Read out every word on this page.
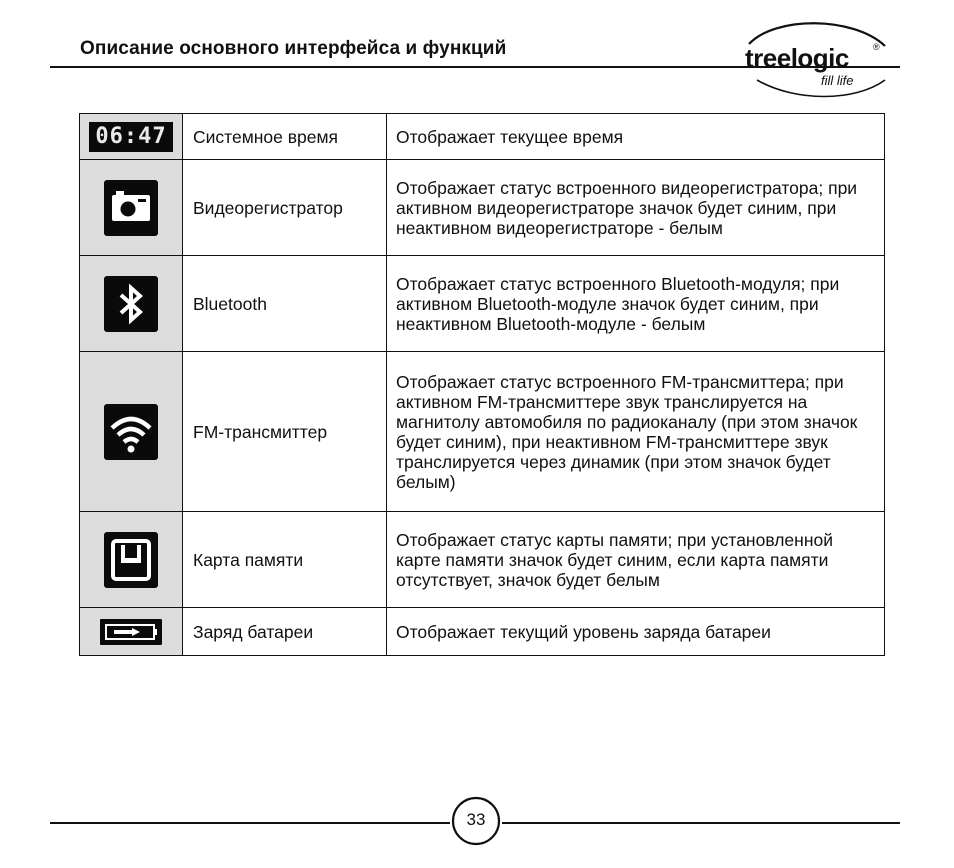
Описание основного интерфейса и функций	treelogic	®
fill life
06:47	Системное время	Отображает текущее время
	Видеорегистратор	Отображает статус встроенного видеорегистратора; при активном видеорегистраторе значок будет синим, при неактивном видеорегистраторе - белым
	Bluetooth	Отображает статус встроенного Bluetooth-модуля; при активном Bluetooth-модуле значок будет синим, при неактивном Bluetooth-модуле - белым
	FM-трансмиттер	Отображает статус встроенного FM-трансмиттера; при активном FM-трансмиттере звук транслируется на магнитолу автомобиля по радиоканалу (при этом значок будет синим), при неактивном FM-трансмиттере звук транслируется через динамик (при этом значок будет белым)
	Карта памяти	Отображает статус карты памяти; при установленной карте памяти значок будет синим, если карта памяти отсутствует, значок будет белым
	Заряд батареи	Отображает текущий уровень заряда батареи
33
